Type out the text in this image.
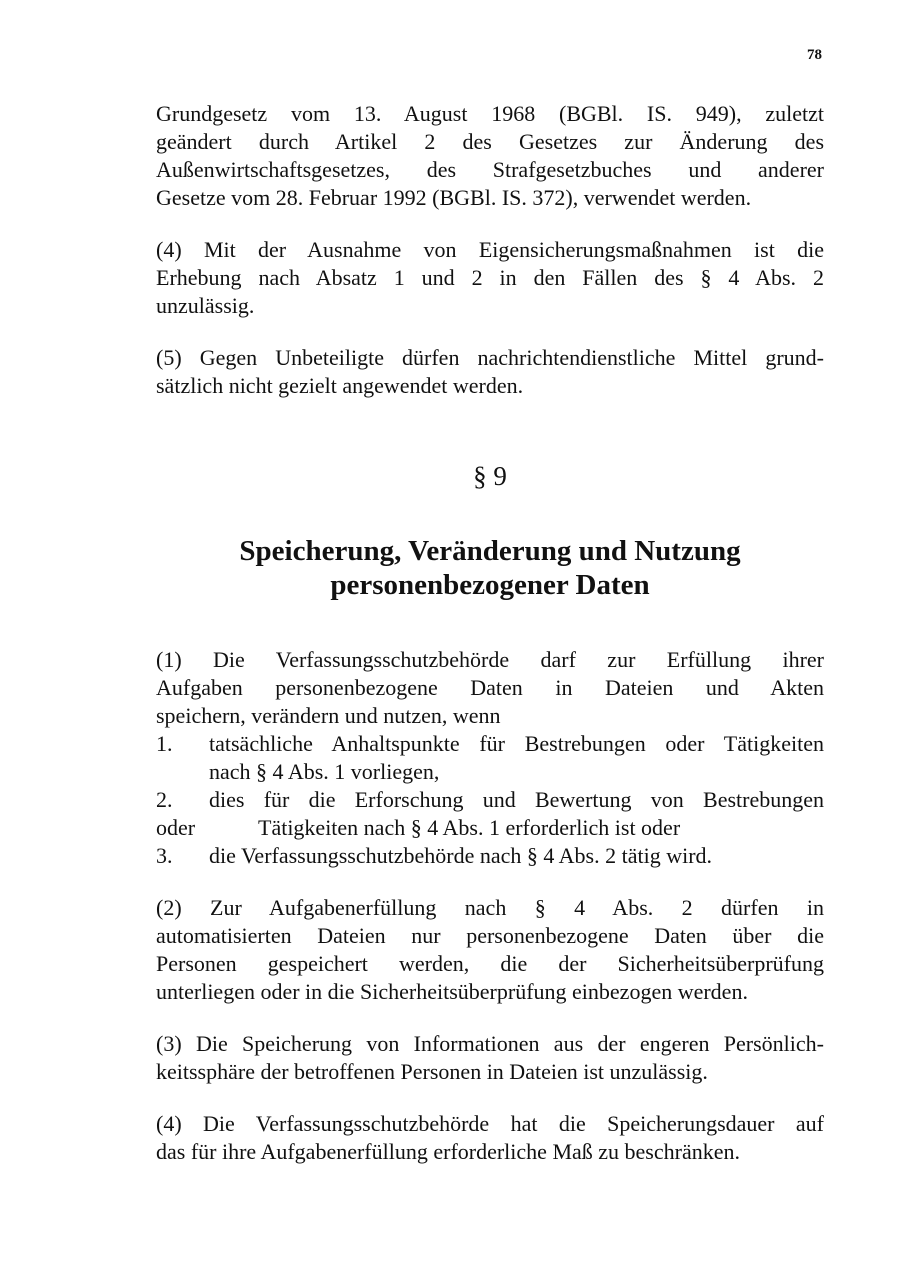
78
Grundgesetz vom 13. August 1968 (BGBl. IS. 949), zuletzt
geändert durch Artikel 2 des Gesetzes zur Änderung des
Außenwirtschaftsgesetzes, des Strafgesetzbuches und anderer
Gesetze vom 28. Februar 1992 (BGBl. IS. 372), verwendet werden.
(4) Mit der Ausnahme von Eigensicherungsmaßnahmen ist die
Erhebung nach Absatz 1 und 2 in den Fällen des § 4 Abs. 2
unzulässig.
(5) Gegen Unbeteiligte dürfen nachrichtendienstliche Mittel grund-
sätzlich nicht gezielt angewendet werden.
§ 9
Speicherung, Veränderung und Nutzung
personenbezogener Daten
(1) Die Verfassungsschutzbehörde darf zur Erfüllung ihrer
Aufgaben personenbezogene Daten in Dateien und Akten
speichern, verändern und nutzen, wenn
1.	tatsächliche Anhaltspunkte für Bestrebungen oder Tätigkeiten
nach § 4 Abs. 1 vorliegen,
2.	dies für die Erforschung und Bewertung von Bestrebungen
oder	Tätigkeiten nach § 4 Abs. 1 erforderlich ist oder
3.	die Verfassungsschutzbehörde nach § 4 Abs. 2 tätig wird.
(2) Zur Aufgabenerfüllung nach § 4 Abs. 2 dürfen in
automatisierten Dateien nur personenbezogene Daten über die
Personen gespeichert werden, die der Sicherheitsüberprüfung
unterliegen oder in die Sicherheitsüberprüfung einbezogen werden.
(3) Die Speicherung von Informationen aus der engeren Persönlich-
keitssphäre der betroffenen Personen in Dateien ist unzulässig.
(4) Die Verfassungsschutzbehörde hat die Speicherungsdauer auf
das für ihre Aufgabenerfüllung erforderliche Maß zu beschränken.
